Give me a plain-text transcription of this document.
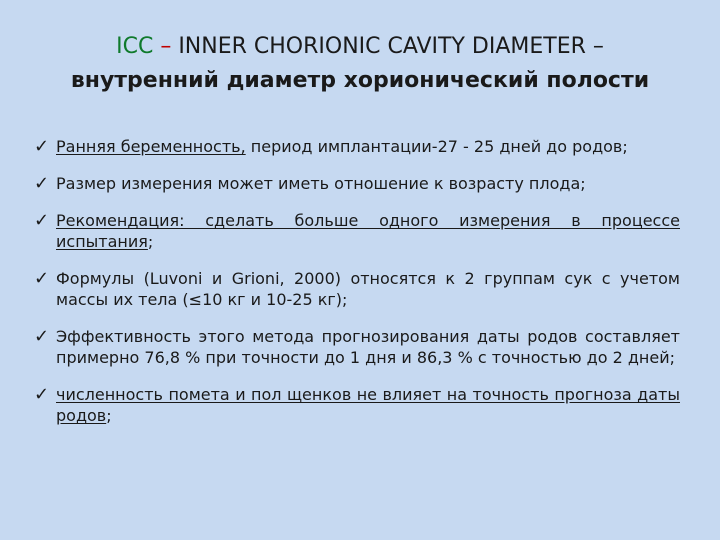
ICC – INNER CHORIONIC CAVITY DIAMETER –
внутренний диаметр хорионический полости
✓ Ранняя беременность, период имплантации-27 - 25 дней до родов;
✓ Размер измерения может иметь отношение к возрасту плода;
✓ Рекомендация: сделать больше одного измерения в процессе испытания;
✓ Формулы (Luvoni и Grioni, 2000) относятся к 2 группам сук с учетом массы их тела (≤10 кг и 10-25 кг);
✓ Эффективность этого метода прогнозирования даты родов составляет примерно 76,8 % при точности до 1 дня и 86,3 % с точностью до 2 дней;
✓ численность помета и пол щенков не влияет на точность прогноза даты родов;
